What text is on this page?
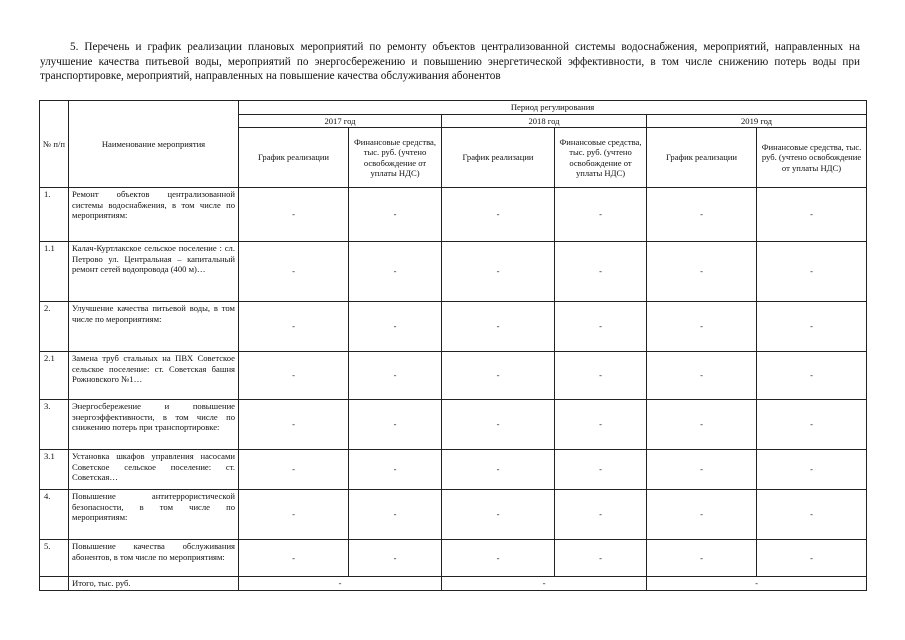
5. Перечень и график реализации плановых мероприятий по ремонту объектов централизованной системы водоснабжения, мероприятий, направленных на улучшение качества питьевой воды, мероприятий по энергосбережению и повышению энергетической эффективности, в том числе снижению потерь воды при транспортировке, мероприятий, направленных на повышение качества обслуживания абонентов
№ п/п	Наименование мероприятия	Период регулирования					
		2017 год		2018 год		2019 год	
		График реализации	Финансовые средства, тыс. руб. (учтено освобождение от уплаты НДС)	График реализации	Финансовые средства, тыс. руб. (учтено освобождение от уплаты НДС)	График реализации	Финансовые средства, тыс. руб. (учтено освобождение от уплаты НДС)
1.	Ремонт объектов централизованной системы водоснабжения, в том числе по мероприятиям:	-	-	-	-	-	-
1.1	Калач-Куртлакское сельское поселение : сл. Петрово ул. Центральная – капитальный ремонт сетей водопровода (400 м)…	-	-	-	-	-	-
2.	Улучшение качества питьевой воды, в том числе по мероприятиям:	-	-	-	-	-	-
2.1	Замена труб стальных на ПВХ Советское сельское поселение: ст. Советская башня Рожновского №1…	-	-	-	-	-	-
3.	Энергосбережение и повышение энергоэффективности, в том числе по снижению потерь при транспортировке:	-	-	-	-	-	-
3.1	Установка шкафов управления насосами Советское сельское поселение: ст. Советская…	-	-	-	-	-	-
4.	Повышение антитеррористической безопасности, в том числе по мероприятиям:	-	-	-	-	-	-
5.	Повышение качества обслуживания абонентов, в том числе по мероприятиям:	-	-	-	-	-	-
	Итого, тыс. руб.	-		-		-	
